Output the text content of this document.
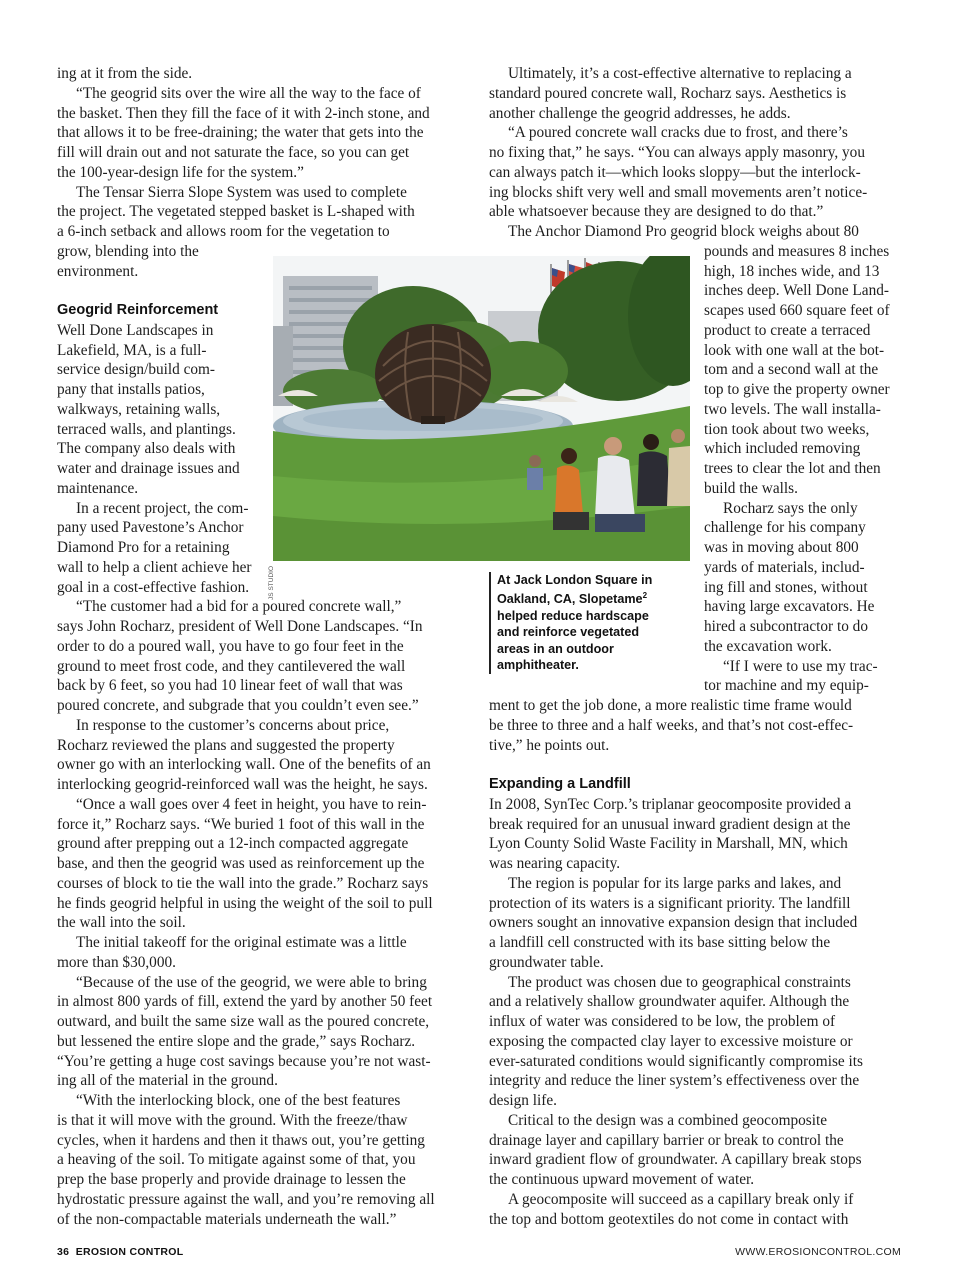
ing at it from the side.

“The geogrid sits over the wire all the way to the face of
the basket. Then they fill the face of it with 2-inch stone, and
that allows it to be free-draining; the water that gets into the
fill will drain out and not saturate the face, so you can get
the 100-year-design life for the system.”

The Tensar Sierra Slope System was used to complete
the project. The vegetated stepped basket is L-shaped with
a 6-inch setback and allows room for the vegetation to
grow, blending into the
environment.

Geogrid Reinforcement

Well Done Landscapes in
Lakefield, MA, is a full-
service design/build com-
pany that installs patios,
walkways, retaining walls,
terraced walls, and plantings.
The company also deals with
water and drainage issues and
maintenance.

In a recent project, the com-
pany used Pavestone’s Anchor
Diamond Pro for a retaining
wall to help a client achieve her
goal in a cost-effective fashion.

“The customer had a bid for a poured concrete wall,”
says John Rocharz, president of Well Done Landscapes. “In
order to do a poured wall, you have to go four feet in the
ground to meet frost code, and they cantilevered the wall
back by 6 feet, so you had 10 linear feet of wall that was
poured concrete, and subgrade that you couldn’t even see.”

In response to the customer’s concerns about price,
Rocharz reviewed the plans and suggested the property
owner go with an interlocking wall. One of the benefits of an
interlocking geogrid-reinforced wall was the height, he says.

“Once a wall goes over 4 feet in height, you have to rein-
force it,” Rocharz says. “We buried 1 foot of this wall in the
ground after prepping out a 12-inch compacted aggregate
base, and then the geogrid was used as reinforcement up the
courses of block to tie the wall into the grade.” Rocharz says
he finds geogrid helpful in using the weight of the soil to pull
the wall into the soil.

The initial takeoff for the original estimate was a little
more than $30,000.

“Because of the use of the geogrid, we were able to bring
in almost 800 yards of fill, extend the yard by another 50 feet
outward, and built the same size wall as the poured concrete,
but lessened the entire slope and the grade,” says Rocharz.
“You’re getting a huge cost savings because you’re not wast-
ing all of the material in the ground.

“With the interlocking block, one of the best features
is that it will move with the ground. With the freeze/thaw
cycles, when it hardens and then it thaws out, you’re getting
a heaving of the soil. To mitigate against some of that, you
prep the base properly and provide drainage to lessen the
hydrostatic pressure against the wall, and you’re removing all
of the non-compactable materials underneath the wall.”

Ultimately, it’s a cost-effective alternative to replacing a
standard poured concrete wall, Rocharz says. Aesthetics is
another challenge the geogrid addresses, he adds.

“A poured concrete wall cracks due to frost, and there’s
no fixing that,” he says. “You can always apply masonry, you
can always patch it—which looks sloppy—but the interlock-
ing blocks shift very well and small movements aren’t notice-
able whatsoever because they are designed to do that.”

The Anchor Diamond Pro geogrid block weighs about 80

pounds and measures 8 inches
high, 18 inches wide, and 13
inches deep. Well Done Land-
scapes used 660 square feet of
product to create a terraced
look with one wall at the bot-
tom and a second wall at the
top to give the property owner
two levels. The wall installa-
tion took about two weeks,
which included removing
trees to clear the lot and then
build the walls.

Rocharz says the only
challenge for his company
was in moving about 800
yards of materials, includ-
ing fill and stones, without
having large excavators. He
hired a subcontractor to do
the excavation work.

“If I were to use my trac-
tor machine and my equip-

ment to get the job done, a more realistic time frame would
be three to three and a half weeks, and that’s not cost-effec-
tive,” he points out.

Expanding a Landfill

In 2008, SynTec Corp.’s triplanar geocomposite provided a
break required for an unusual inward gradient design at the
Lyon County Solid Waste Facility in Marshall, MN, which
was nearing capacity.

The region is popular for its large parks and lakes, and
protection of its waters is a significant priority. The landfill
owners sought an innovative expansion design that included
a landfill cell constructed with its base sitting below the
groundwater table.

The product was chosen due to geographical constraints
and a relatively shallow groundwater aquifer. Although the
influx of water was considered to be low, the problem of
exposing the compacted clay layer to excessive moisture or
ever-saturated conditions would significantly compromise its
integrity and reduce the liner system’s effectiveness over the
design life.

Critical to the design was a combined geocomposite
drainage layer and capillary barrier or break to control the
inward gradient flow of groundwater. A capillary break stops
the continuous upward movement of water.

A geocomposite will succeed as a capillary break only if
the top and bottom geotextiles do not come in contact with

JS STUDIO	At Jack London Square in
Oakland, CA, Slopetame$^2$
helped reduce hardscape
and reinforce vegetated
areas in an outdoor
amphitheater.
36 EROSION CONTROL	WWW.EROSIONCONTROL.COM
